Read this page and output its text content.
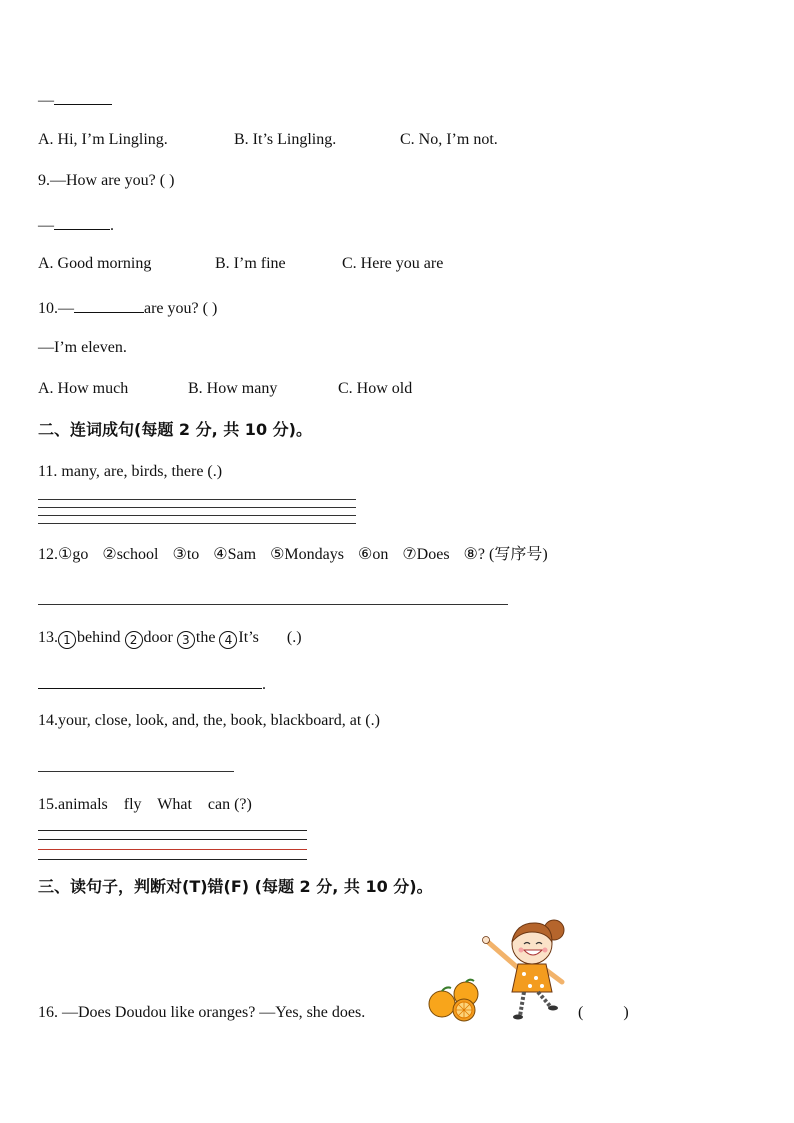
—
A. Hi, I’m Lingling.	B. It’s Lingling.	C. No, I’m not.
9.—How are you? ( )
—	.
A. Good morning	B. I’m fine	C. Here you are
10.—	are you? ( )
—I’m eleven.
A. How much	B. How many	C. How old
二、连词成句(每题 2 分, 共 10 分)。
11. many, are, birds, there (.)
12.①go ②school ③to ④Sam ⑤Mondays ⑥on ⑦Does ⑧? (写序号)
13. 1 behind 2 door 3 the 4 It’s (.)
.
14.your, close, look, and, the, book, blackboard, at (.)
15.animals    fly    What    can (?)
三、读句子，判断对(T)错(F) (每题 2 分, 共 10 分)。
16. —Does Doudou like oranges? —Yes, she does.	(          )
